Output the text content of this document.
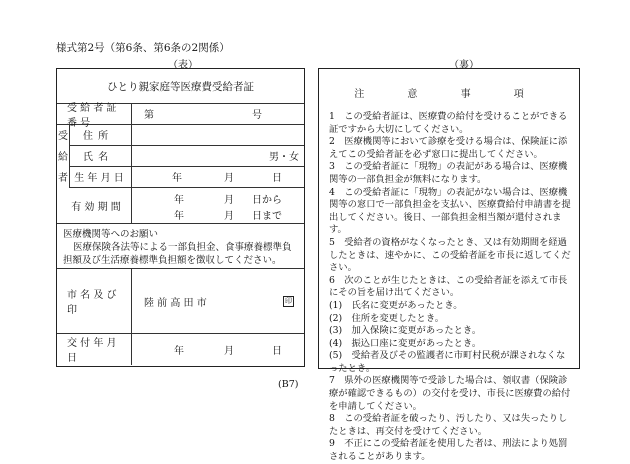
様式第2号（第6条、第6条の2関係）
（表）	（裏）
ひとり親家庭等医療費受給者証
受 給 者 証 番 号
第	号
受
給
者
住 所
氏 名	男・女
生 年 月 日	年	月	日
有 効 期 間
年	月 日から
年	月 日まで

医療機関等へのお願い

医療保険各法等による一部負担金、食事療養標準負担額及び生活療養標準負担額を徴収してください。

市 名 及 び 印
陸 前 高 田 市	印
交 付 年 月 日
年	月	日
(B7)
注 意 事 項

1　この受給者証は、医療費の給付を受けることができる証ですから大切にしてください。

2　医療機関等において診療を受ける場合は、保険証に添えてこの受給者証を必ず窓口に提出してください。

3　この受給者証に「現物」の表記がある場合は、医療機関等の一部負担金が無料になります。

4　この受給者証に「現物」の表記がない場合は、医療機関等の窓口で一部負担金を支払い、医療費給付申請書を提出してください。後日、一部負担金相当額が還付されます。

5　受給者の資格がなくなったとき、又は有効期間を経過したときは、速やかに、この受給者証を市長に返してください。

6　次のことが生じたときは、この受給者証を添えて市長にその旨を届け出てください。

(1)　氏名に変更があったとき。

(2)　住所を変更したとき。

(3)　加入保険に変更があったとき。

(4)　振込口座に変更があったとき。

(5)　受給者及びその監護者に市町村民税が課されなくなったとき。

7　県外の医療機関等で受診した場合は、領収書（保険診療が確認できるもの）の交付を受け、市長に医療費の給付を申請してください。

8　この受給者証を破ったり、汚したり、又は失ったりしたときは、再交付を受けてください。

9　不正にこの受給者証を使用した者は、刑法により処罰されることがあります。
